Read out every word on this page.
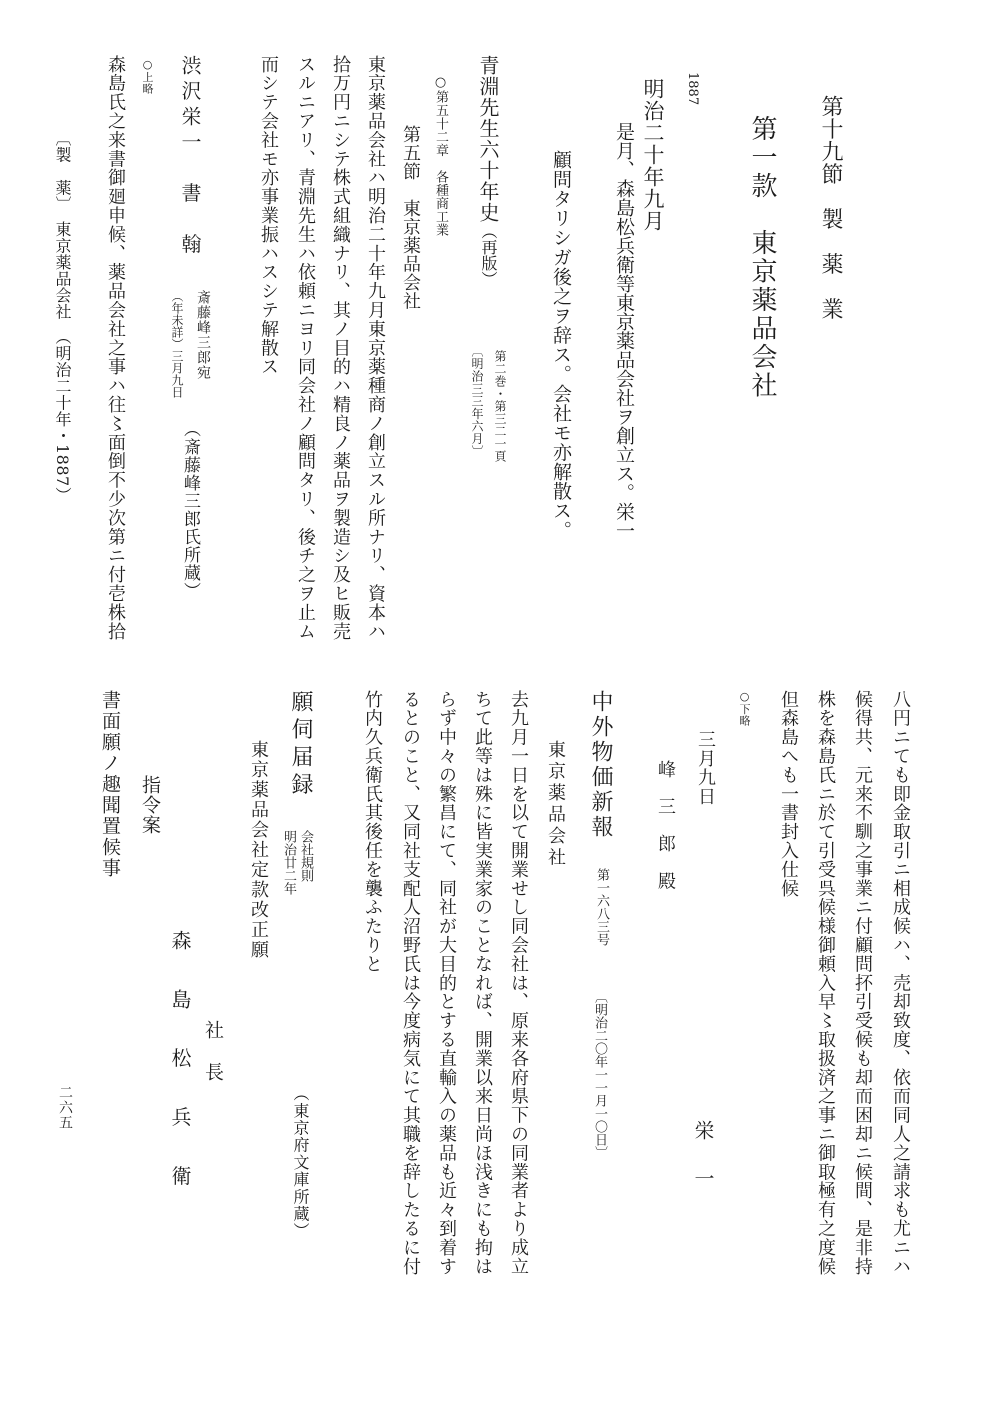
第十九節　製　薬　業
第一款　東京薬品会社
1887
明治二十年九月
是月、森島松兵衛等東京薬品会社ヲ創立ス。栄一
顧問タリシガ後之ヲ辞ス。会社モ亦解散ス。
青淵先生六十年史（再版）
第二巻・第三二一頁
〔明治三三年六月〕
○第五十二章　各種商工業
第五節　東京薬品会社
東京薬品会社ハ明治二十年九月東京薬種商ノ創立スル所ナリ、資本ハ
拾万円ニシテ株式組織ナリ、其ノ目的ハ精良ノ薬品ヲ製造シ及ヒ販売
スルニアリ、青淵先生ハ依頼ニヨリ同会社ノ顧問タリ、後チ之ヲ止ム
而シテ会社モ亦事業振ハスシテ解散ス
渋沢栄一　書　翰
斎藤峰三郎宛
（年未詳）三月九日
（斎藤峰三郎氏所蔵）
○上略
森島氏之来書御廻申候、薬品会社之事ハ往〻面倒不少次第ニ付壱株拾
〔製　薬〕　東京薬品会社　（明治二十年・1887）
八円ニても即金取引ニ相成候ハ、売却致度、依而同人之請求も尤ニハ
候得共、元来不馴之事業ニ付顧問抔引受候も却而困却ニ候間、是非持
株を森島氏ニ於て引受呉候様御頼入早〻取扱済之事ニ御取極有之度候
但森島へも一書封入仕候
○下略
三月九日
栄　一
峰　三　郎　殿
中外物価新報
第一六八三号
〔明治二〇年一一月一〇日〕
東京薬品会社
去九月一日を以て開業せし同会社は、原来各府県下の同業者より成立
ちて此等は殊に皆実業家のことなれば、開業以来日尚ほ浅きにも拘は
らず中々の繁昌にて、同社が大目的とする直輸入の薬品も近々到着す
るとのこと、又同社支配人沼野氏は今度病気にて其職を辞したるに付
竹内久兵衛氏其後任を襲ふたりと
願伺届録
会社規則
明治廿二年
（東京府文庫所蔵）
東京薬品会社定款改正願
社　長
森　島　松　兵　衛
指令案
書面願ノ趣聞置候事
二六五
